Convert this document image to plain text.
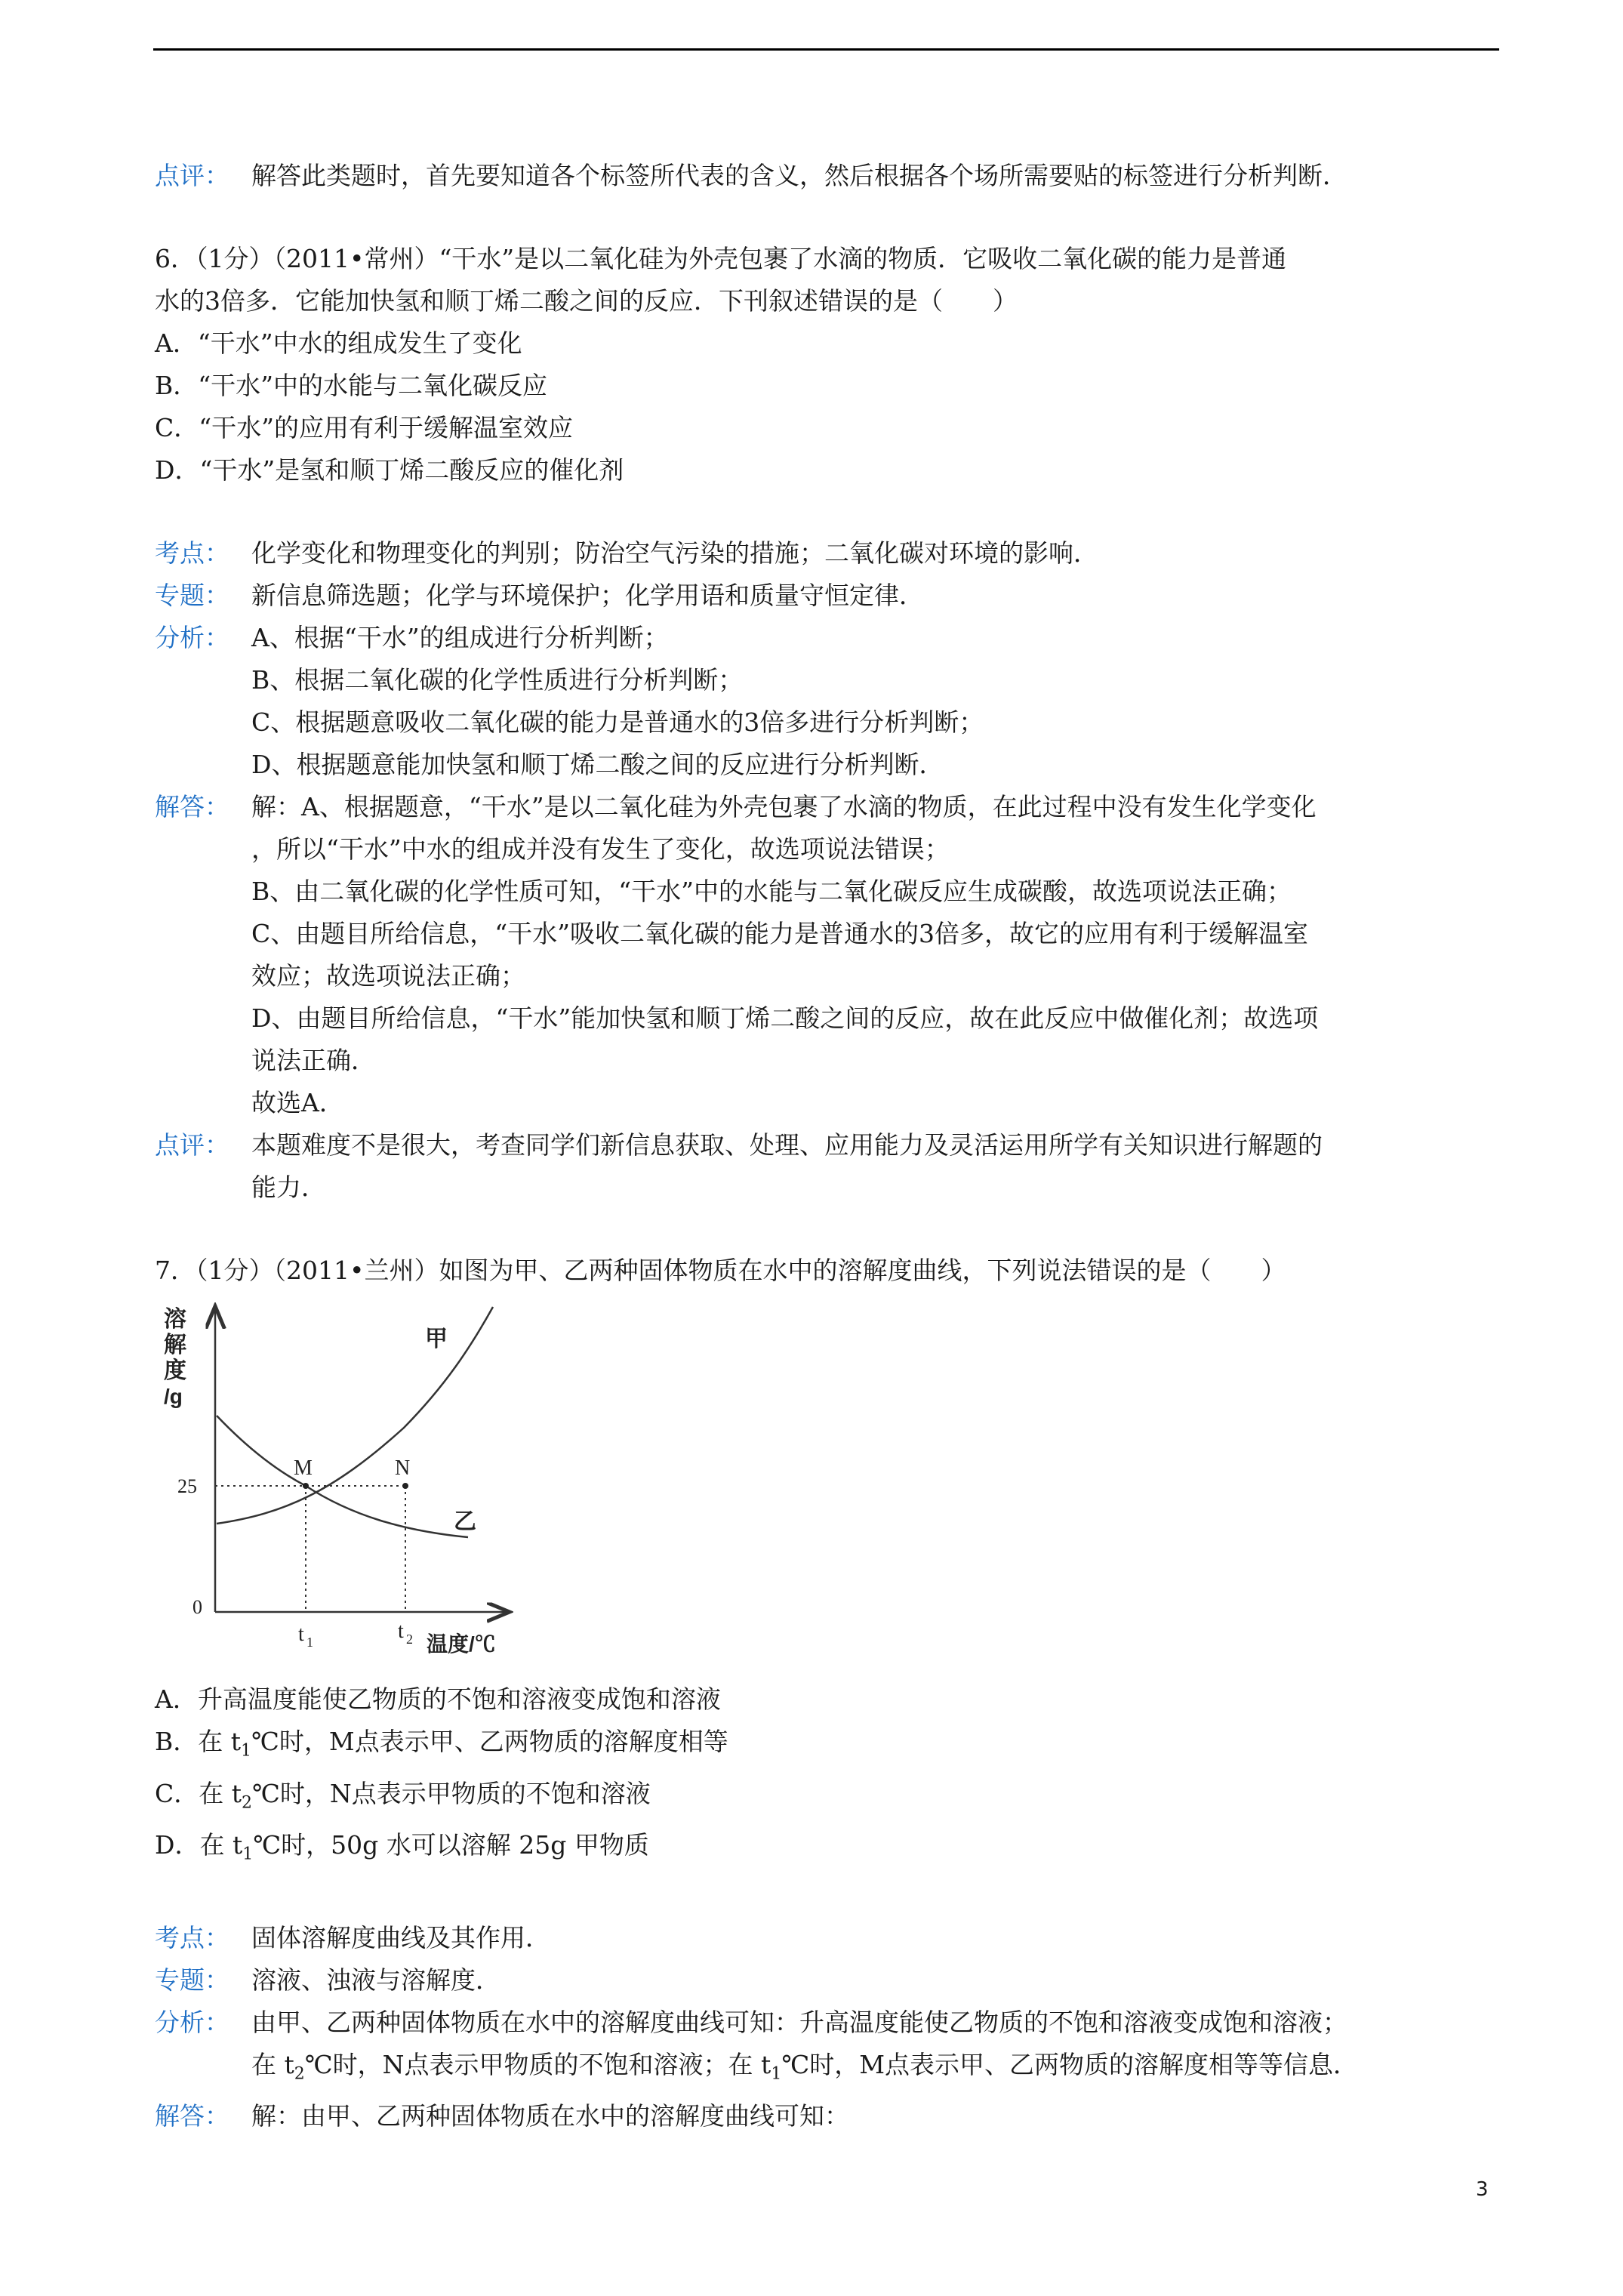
点评： 解答此类题时，首先要知道各个标签所代表的含义，然后根据各个场所需要贴的标签进行分析判断．
6．（1分）（2011•常州）“干水”是以二氧化硅为外壳包裹了水滴的物质．它吸收二氧化碳的能力是普通
水的3倍多．它能加快氢和顺丁烯二酸之间的反应．下刊叙述错误的是（　　）
A．“干水”中水的组成发生了变化
B．“干水”中的水能与二氧化碳反应
C．“干水”的应用有利于缓解温室效应
D．“干水”是氢和顺丁烯二酸反应的催化剂
考点： 化学变化和物理变化的判别；防治空气污染的措施；二氧化碳对环境的影响．
专题： 新信息筛选题；化学与环境保护；化学用语和质量守恒定律．
分析： A、根据“干水”的组成进行分析判断；
B、根据二氧化碳的化学性质进行分析判断；
C、根据题意吸收二氧化碳的能力是普通水的3倍多进行分析判断；
D、根据题意能加快氢和顺丁烯二酸之间的反应进行分析判断．
解答： 解：A、根据题意，“干水”是以二氧化硅为外壳包裹了水滴的物质，在此过程中没有发生化学变化
，所以“干水”中水的组成并没有发生了变化，故选项说法错误；
B、由二氧化碳的化学性质可知，“干水”中的水能与二氧化碳反应生成碳酸，故选项说法正确；
C、由题目所给信息，“干水”吸收二氧化碳的能力是普通水的3倍多，故它的应用有利于缓解温室
效应；故选项说法正确；
D、由题目所给信息，“干水”能加快氢和顺丁烯二酸之间的反应，故在此反应中做催化剂；故选项
说法正确．
故选A．
点评： 本题难度不是很大，考查同学们新信息获取、处理、应用能力及灵活运用所学有关知识进行解题的
能力．
7．（1分）（2011•兰州）如图为甲、乙两种固体物质在水中的溶解度曲线，下列说法错误的是（　　）
溶
解
度
/g
0
25
M	N
甲
乙
t 1	t 2 温度/℃
A．升高温度能使乙物质的不饱和溶液变成饱和溶液
B．在 $t_1℃$时，M点表示甲、乙两物质的溶解度相等
C．在 $t_2℃$时，N点表示甲物质的不饱和溶液
D．在 $t_1℃$时，50g 水可以溶解 25g 甲物质
考点： 固体溶解度曲线及其作用．
专题： 溶液、浊液与溶解度．
分析： 由甲、乙两种固体物质在水中的溶解度曲线可知：升高温度能使乙物质的不饱和溶液变成饱和溶液；
在 $t_2℃$时，N点表示甲物质的不饱和溶液；在 $t_1℃$时，M点表示甲、乙两物质的溶解度相等等信息．
解答： 解：由甲、乙两种固体物质在水中的溶解度曲线可知：
3
